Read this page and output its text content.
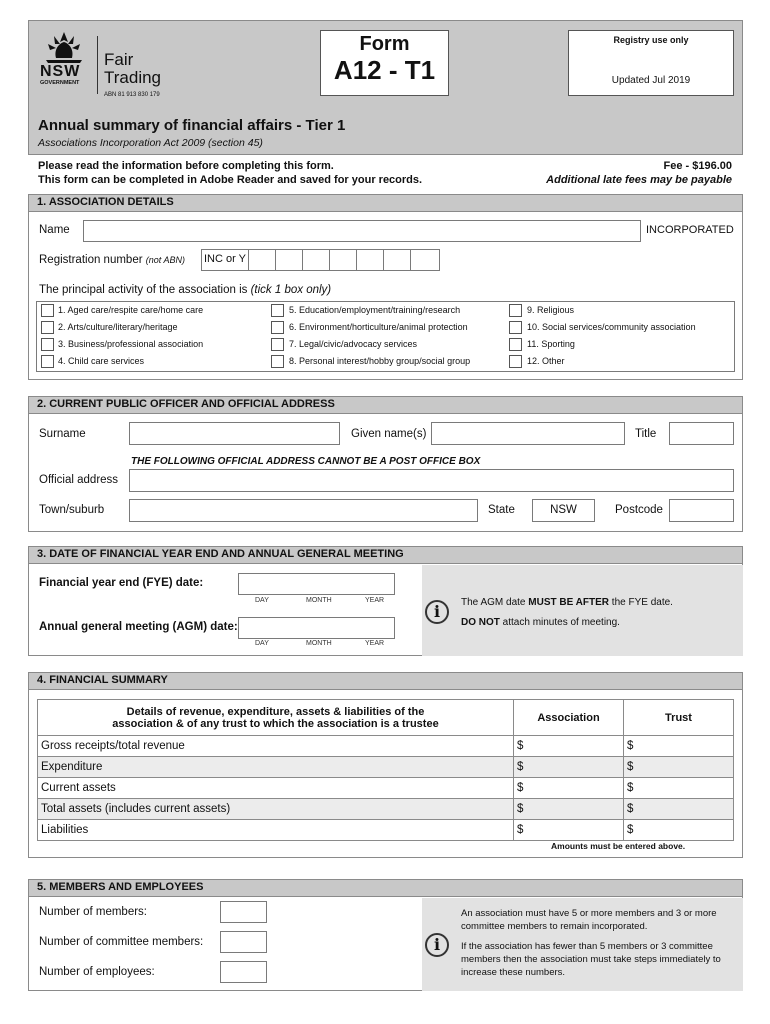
NSW
GOVERNMENT
Fair
Trading
ABN 81 913 830 179
Form
A12 - T1
Registry use only
Updated Jul 2019
Annual summary of financial affairs - Tier 1
Associations Incorporation Act 2009 (section 45)
Please read the information before completing this form.
This form can be completed in Adobe Reader and saved for your records.
Fee - $196.00
Additional late fees may be payable
1. ASSOCIATION DETAILS
Name	INCORPORATED
Registration number (not ABN) INC or Y
The principal activity of the association is (tick 1 box only)
1. Aged care/respite care/home care
2. Arts/culture/literary/heritage
3. Business/professional association
4. Child care services
5. Education/employment/training/research
6. Environment/horticulture/animal protection
7. Legal/civic/advocacy services
8. Personal interest/hobby group/social group
9. Religious
10. Social services/community association
11. Sporting
12. Other
2. CURRENT PUBLIC OFFICER AND OFFICIAL ADDRESS
Surname	Given name(s)	Title
THE FOLLOWING OFFICIAL ADDRESS CANNOT BE A POST OFFICE BOX
Official address
Town/suburb	State	NSW	Postcode
3. DATE OF FINANCIAL YEAR END AND ANNUAL GENERAL MEETING
Financial year end (FYE) date:
DAY	MONTH	YEAR
Annual general meeting (AGM) date:
DAY	MONTH	YEAR
i	The AGM date MUST BE AFTER the FYE date.
DO NOT attach minutes of meeting.
4. FINANCIAL SUMMARY
Details of revenue, expenditure, assets & liabilities of the association & of any trust to which the association is a trustee	Association	Trust
Gross receipts/total revenue	$	$
Expenditure	$	$
Current assets	$	$
Total assets (includes current assets)	$	$
Liabilities	$	$
Amounts must be entered above.
5. MEMBERS AND EMPLOYEES
Number of members:
Number of committee members:
Number of employees:
i
An association must have 5 or more members and 3 or more committee members to remain incorporated.
If the association has fewer than 5 members or 3 committee members then the association must take steps immediately to increase these numbers.
